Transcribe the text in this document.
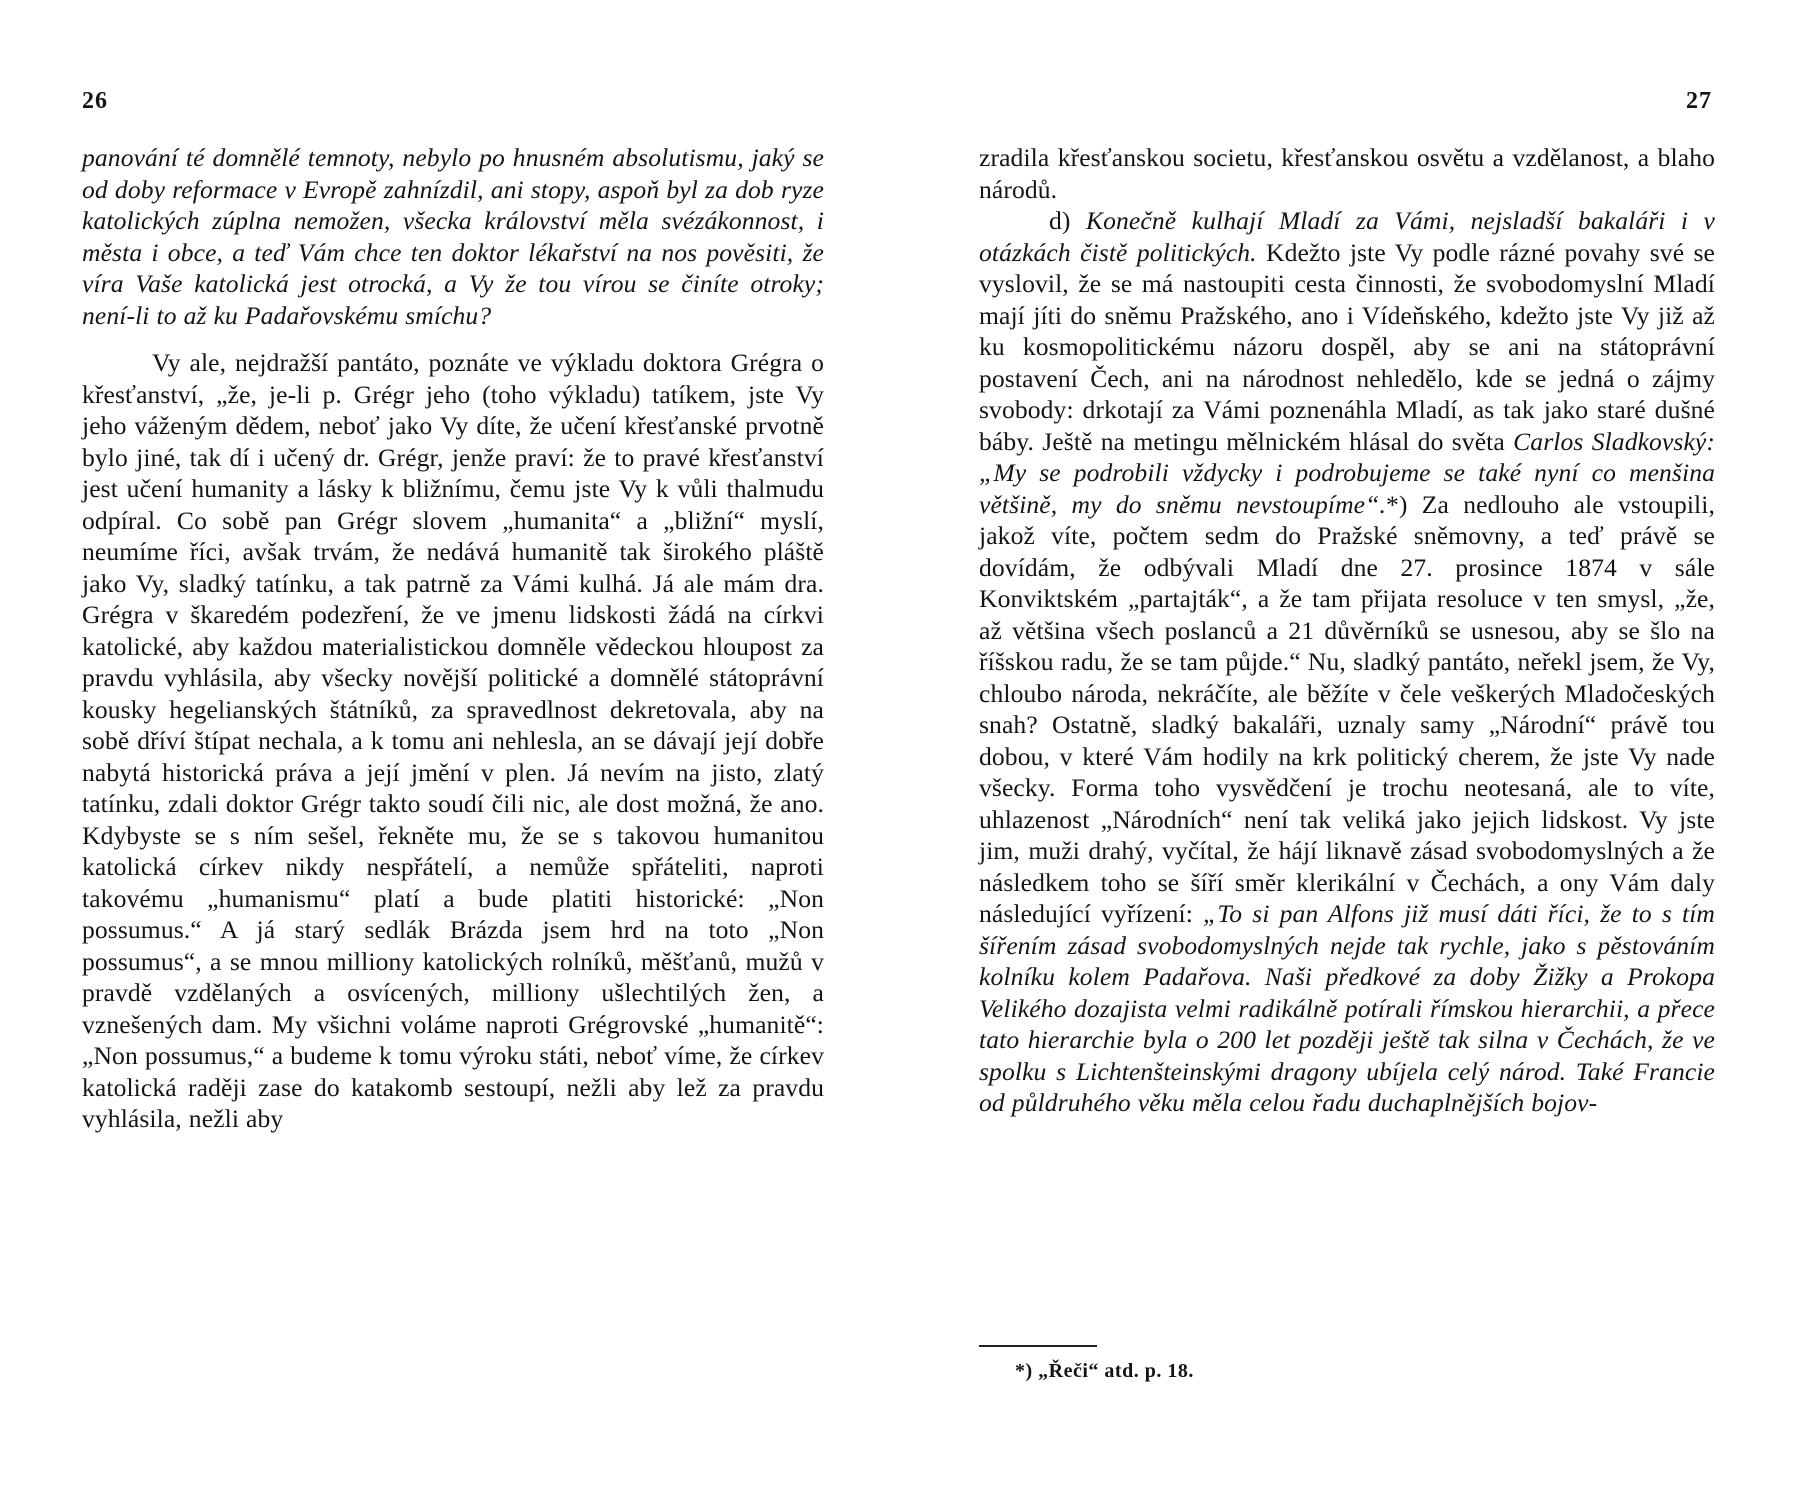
26

panování té domnělé temnoty, nebylo po hnusném absolutismu, jaký se od doby reformace v Evropě zahnízdil, ani stopy, aspoň byl za dob ryze katolických zúplna nemožen, všecka království měla svézákonnost, i města i obce, a teď Vám chce ten doktor lékařství na nos pověsiti, že víra Vaše katolická jest otrocká, a Vy že tou vírou se činíte otroky; není-li to až ku Padařovskému smíchu?

Vy ale, nejdražší pantáto, poznáte ve výkladu doktora Grégra o křesťanství, „že, je-li p. Grégr jeho (toho výkladu) tatíkem, jste Vy jeho váženým dědem, neboť jako Vy díte, že učení křesťanské prvotně bylo jiné, tak dí i učený dr. Grégr, jenže praví: že to pravé křesťanství jest učení humanity a lásky k bližnímu, čemu jste Vy k vůli thalmudu odpíral. Co sobě pan Grégr slovem „humanita“ a „bližní“ myslí, neumíme říci, avšak trvám, že nedává humanitě tak širokého pláště jako Vy, sladký tatínku, a tak patrně za Vámi kulhá. Já ale mám dra. Grégra v škaredém podezření, že ve jmenu lidskosti žádá na církvi katolické, aby každou materialistickou domněle vědeckou hloupost za pravdu vyhlásila, aby všecky novější politické a domnělé státoprávní kousky hegelianských štátníků, za spravedlnost dekretovala, aby na sobě dříví štípat nechala, a k tomu ani nehlesla, an se dávají její dobře nabytá historická práva a její jmění v plen. Já nevím na jisto, zlatý tatínku, zdali doktor Grégr takto soudí čili nic, ale dost možná, že ano. Kdybyste se s ním sešel, řekněte mu, že se s takovou humanitou katolická církev nikdy nespřátelí, a nemůže spřáteliti, naproti takovému „humanismu“ platí a bude platiti historické: „Non possumus.“ A já starý sedlák Brázda jsem hrd na toto „Non possumus“, a se mnou milliony katolických rolníků, měšťanů, mužů v pravdě vzdělaných a osvícených, milliony ušlechtilých žen, a vznešených dam. My všichni voláme naproti Grégrovské „humanitě“: „Non possumus,“ a budeme k tomu výroku státi, neboť víme, že církev katolická raději zase do katakomb sestoupí, nežli aby lež za pravdu vyhlásila, nežli aby

27

zradila křesťanskou societu, křesťanskou osvětu a vzdělanost, a blaho národů.

d) Konečně kulhají Mladí za Vámi, nejsladší bakaláři i v otázkách čistě politických. Kdežto jste Vy podle rázné povahy své se vyslovil, že se má nastoupiti cesta činnosti, že svobodomyslní Mladí mají jíti do sněmu Pražského, ano i Vídeňského, kdežto jste Vy již až ku kosmopolitickému názoru dospěl, aby se ani na státoprávní postavení Čech, ani na národnost nehledělo, kde se jedná o zájmy svobody: drkotají za Vámi poznenáhla Mladí, as tak jako staré dušné báby. Ještě na metingu mělnickém hlásal do světa Carlos Sladkovský: „My se podrobili vždycky i podrobujeme se také nyní co menšina většině, my do sněmu nevstoupíme“.*) Za nedlouho ale vstoupili, jakož víte, počtem sedm do Pražské sněmovny, a teď právě se dovídám, že odbývali Mladí dne 27. prosince 1874 v sále Konviktském „partajták“, a že tam přijata resoluce v ten smysl, „že, až většina všech poslanců a 21 důvěrníků se usnesou, aby se šlo na říšskou radu, že se tam půjde.“ Nu, sladký pantáto, neřekl jsem, že Vy, chloubo národa, nekráčíte, ale běžíte v čele veškerých Mladočeských snah? Ostatně, sladký bakaláři, uznaly samy „Národní“ právě tou dobou, v které Vám hodily na krk politický cherem, že jste Vy nade všecky. Forma toho vysvědčení je trochu neotesaná, ale to víte, uhlazenost „Národních“ není tak veliká jako jejich lidskost. Vy jste jim, muži drahý, vyčítal, že hájí liknavě zásad svobodomyslných a že následkem toho se šíří směr klerikální v Čechách, a ony Vám daly následující vyřízení: „To si pan Alfons již musí dáti říci, že to s tím šířením zásad svobodomyslných nejde tak rychle, jako s pěstováním kolníku kolem Padařova. Naši předkové za doby Žižky a Prokopa Velikého dozajista velmi radikálně potírali římskou hierarchii, a přece tato hierarchie byla o 200 let později ještě tak silna v Čechách, že ve spolku s Lichtenšteinskými dragony ubíjela celý národ. Také Francie od půldruhého věku měla celou řadu duchaplnějších bojov-

*) „Řeči“ atd. p. 18.
